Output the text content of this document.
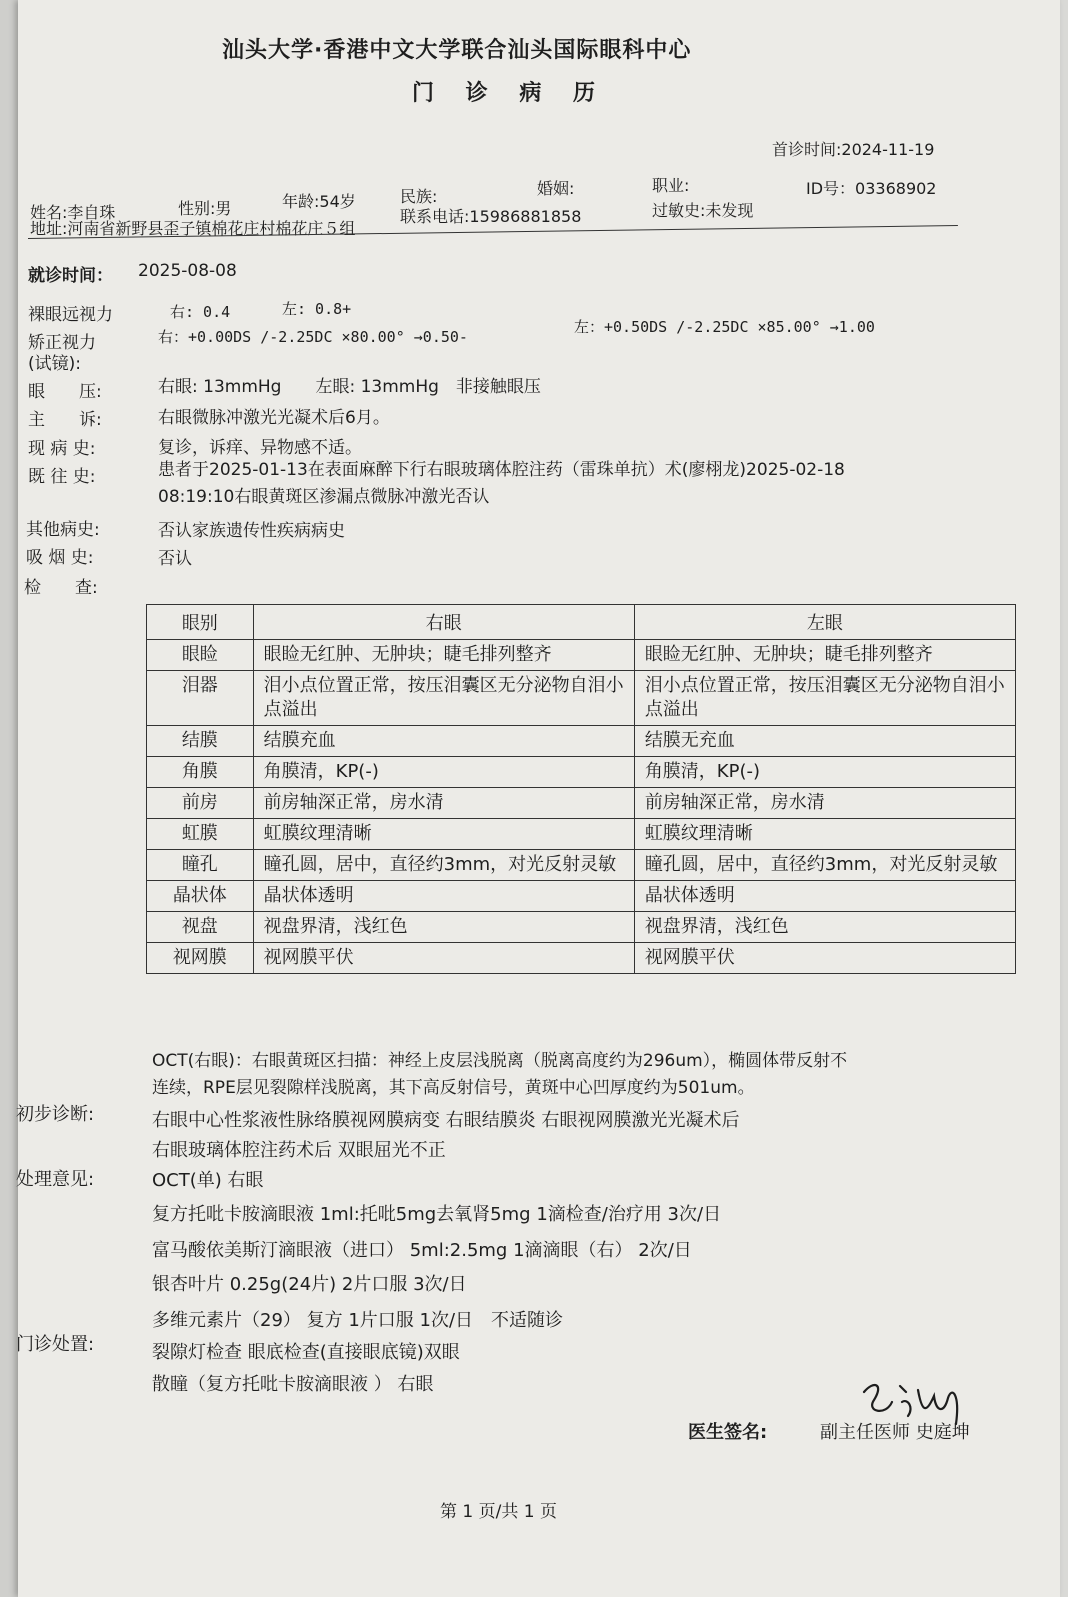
汕头大学·香港中文大学联合汕头国际眼科中心
门 诊 病 历
首诊时间:2024-11-19
姓名:李自珠	性别:男	年龄:54岁	民族:	婚姻:	职业:	ID号：03368902
地址:河南省新野县歪子镇棉花庄村棉花庄５组
联系电话:15986881858	过敏史:未发现
就诊时间： 2025-08-08
裸眼远视力	右: 0.4	左: 0.8+
矫正视力
(试镜):
右：+0.00DS /-2.25DC ×80.00° →0.50-
左：+0.50DS /-2.25DC ×85.00° →1.00
眼　　压:	右眼: 13mmHg　　左眼: 13mmHg　非接触眼压
主　　诉:	右眼微脉冲激光光凝术后6月。
现 病 史:	复诊，诉痒、异物感不适。
既 往 史:	患者于2025-01-13在表面麻醉下行右眼玻璃体腔注药（雷珠单抗）术(廖栩龙)2025-02-18
08:19:10右眼黄斑区渗漏点微脉冲激光否认
其他病史:	否认家族遗传性疾病病史
吸 烟 史:	否认
检　　查:
眼别	右眼	左眼
眼睑	眼睑无红肿、无肿块；睫毛排列整齐	眼睑无红肿、无肿块；睫毛排列整齐
泪器	泪小点位置正常，按压泪囊区无分泌物自泪小点溢出	泪小点位置正常，按压泪囊区无分泌物自泪小点溢出
结膜	结膜充血	结膜无充血
角膜	角膜清，KP(-)	角膜清，KP(-)
前房	前房轴深正常，房水清	前房轴深正常，房水清
虹膜	虹膜纹理清晰	虹膜纹理清晰
瞳孔	瞳孔圆，居中，直径约3mm，对光反射灵敏	瞳孔圆，居中，直径约3mm，对光反射灵敏
晶状体	晶状体透明	晶状体透明
视盘	视盘界清，浅红色	视盘界清，浅红色
视网膜	视网膜平伏	视网膜平伏
OCT(右眼)：右眼黄斑区扫描：神经上皮层浅脱离（脱离高度约为296um），椭圆体带反射不
连续，RPE层见裂隙样浅脱离，其下高反射信号，黄斑中心凹厚度约为501um。
初步诊断:	右眼中心性浆液性脉络膜视网膜病变 右眼结膜炎 右眼视网膜激光光凝术后
右眼玻璃体腔注药术后 双眼屈光不正
处理意见:	OCT(单) 右眼
复方托吡卡胺滴眼液 1ml:托吡5mg去氧肾5mg 1滴检查/治疗用 3次/日
富马酸依美斯汀滴眼液（进口） 5ml:2.5mg 1滴滴眼（右） 2次/日
银杏叶片 0.25g(24片) 2片口服 3次/日
多维元素片（29） 复方 1片口服 1次/日　不适随诊
门诊处置:	裂隙灯检查 眼底检查(直接眼底镜)双眼
散瞳（复方托吡卡胺滴眼液 ） 右眼
医生签名:	副主任医师 史庭坤
第 1 页/共 1 页
